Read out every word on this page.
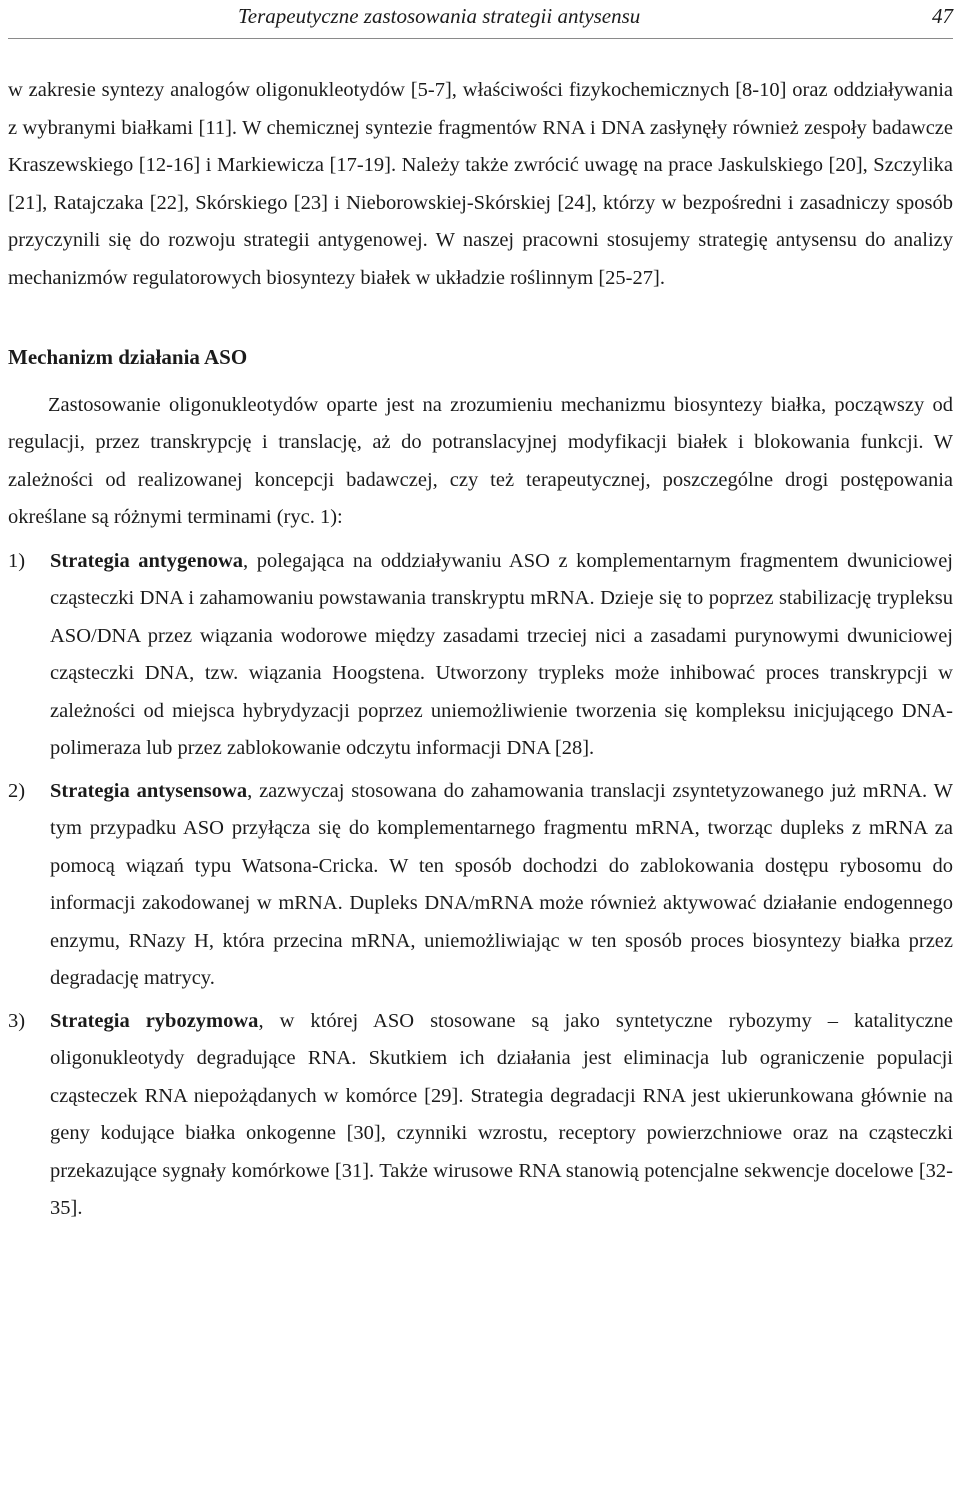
Terapeutyczne zastosowania strategii antysensu	47

w zakresie syntezy analogów oligonukleotydów [5-7], właściwości fizykochemicznych [8-10] oraz oddziaływania z wybranymi białkami [11]. W chemicznej syntezie fragmentów RNA i DNA zasłynęły również zespoły badawcze Kraszewskiego [12-16] i Markiewicza [17-19]. Należy także zwrócić uwagę na prace Jaskulskiego [20], Szczylika [21], Ratajczaka [22], Skórskiego [23] i Nieborowskiej-Skórskiej [24], którzy w bezpośredni i zasadniczy sposób przyczynili się do rozwoju strategii antygenowej. W naszej pracowni stosujemy strategię antysensu do analizy mechanizmów regulatorowych biosyntezy białek w układzie roślinnym [25-27].

Mechanizm działania ASO

Zastosowanie oligonukleotydów oparte jest na zrozumieniu mechanizmu biosyntezy białka, począwszy od regulacji, przez transkrypcję i translację, aż do potranslacyjnej modyfikacji białek i blokowania funkcji. W zależności od realizowanej koncepcji badawczej, czy też terapeutycznej, poszczególne drogi postępowania określane są różnymi terminami (ryc. 1):

1) Strategia antygenowa, polegająca na oddziaływaniu ASO z komplementarnym fragmentem dwuniciowej cząsteczki DNA i zahamowaniu powstawania transkryptu mRNA. Dzieje się to poprzez stabilizację trypleksu ASO/DNA przez wiązania wodorowe między zasadami trzeciej nici a zasadami purynowymi dwuniciowej cząsteczki DNA, tzw. wiązania Hoogstena. Utworzony trypleks może inhibować proces transkrypcji w zależności od miejsca hybrydyzacji poprzez uniemożliwienie tworzenia się kompleksu inicjującego DNA-polimeraza lub przez zablokowanie odczytu informacji DNA [28].

2) Strategia antysensowa, zazwyczaj stosowana do zahamowania translacji zsyntetyzowanego już mRNA. W tym przypadku ASO przyłącza się do komplementarnego fragmentu mRNA, tworząc dupleks z mRNA za pomocą wiązań typu Watsona-Cricka. W ten sposób dochodzi do zablokowania dostępu rybosomu do informacji zakodowanej w mRNA. Dupleks DNA/mRNA może również aktywować działanie endogennego enzymu, RNazy H, która przecina mRNA, uniemożliwiając w ten sposób proces biosyntezy białka przez degradację matrycy.

3) Strategia rybozymowa, w której ASO stosowane są jako syntetyczne rybozymy – katalityczne oligonukleotydy degradujące RNA. Skutkiem ich działania jest eliminacja lub ograniczenie populacji cząsteczek RNA niepożądanych w komórce [29]. Strategia degradacji RNA jest ukierunkowana głównie na geny kodujące białka onkogenne [30], czynniki wzrostu, receptory powierzchniowe oraz na cząsteczki przekazujące sygnały komórkowe [31]. Także wirusowe RNA stanowią potencjalne sekwencje docelowe [32-35].
